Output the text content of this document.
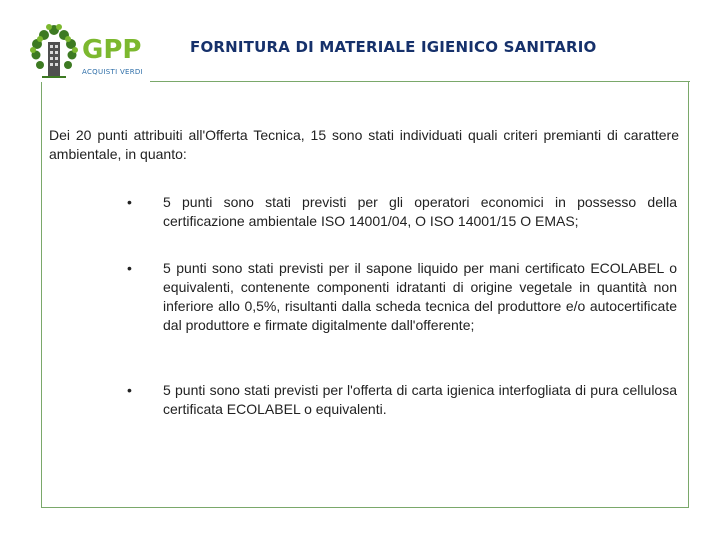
GPP
ACQUISTI VERDI
FORNITURA DI MATERIALE IGIENICO SANITARIO
Dei 20 punti attribuiti all'Offerta Tecnica, 15 sono stati individuati quali criteri premianti di carattere ambientale, in quanto:
• 5 punti sono stati previsti per gli operatori economici in possesso della certificazione ambientale ISO 14001/04, O ISO 14001/15 O EMAS;
• 5 punti sono stati previsti per il sapone liquido per mani certificato ECOLABEL o equivalenti, contenente componenti idratanti di origine vegetale in quantità non inferiore allo 0,5%, risultanti dalla scheda tecnica del produttore e/o autocertificate dal produttore e firmate digitalmente dall'offerente;
• 5 punti sono stati previsti per l'offerta di carta igienica interfogliata di pura cellulosa certificata ECOLABEL o equivalenti.
